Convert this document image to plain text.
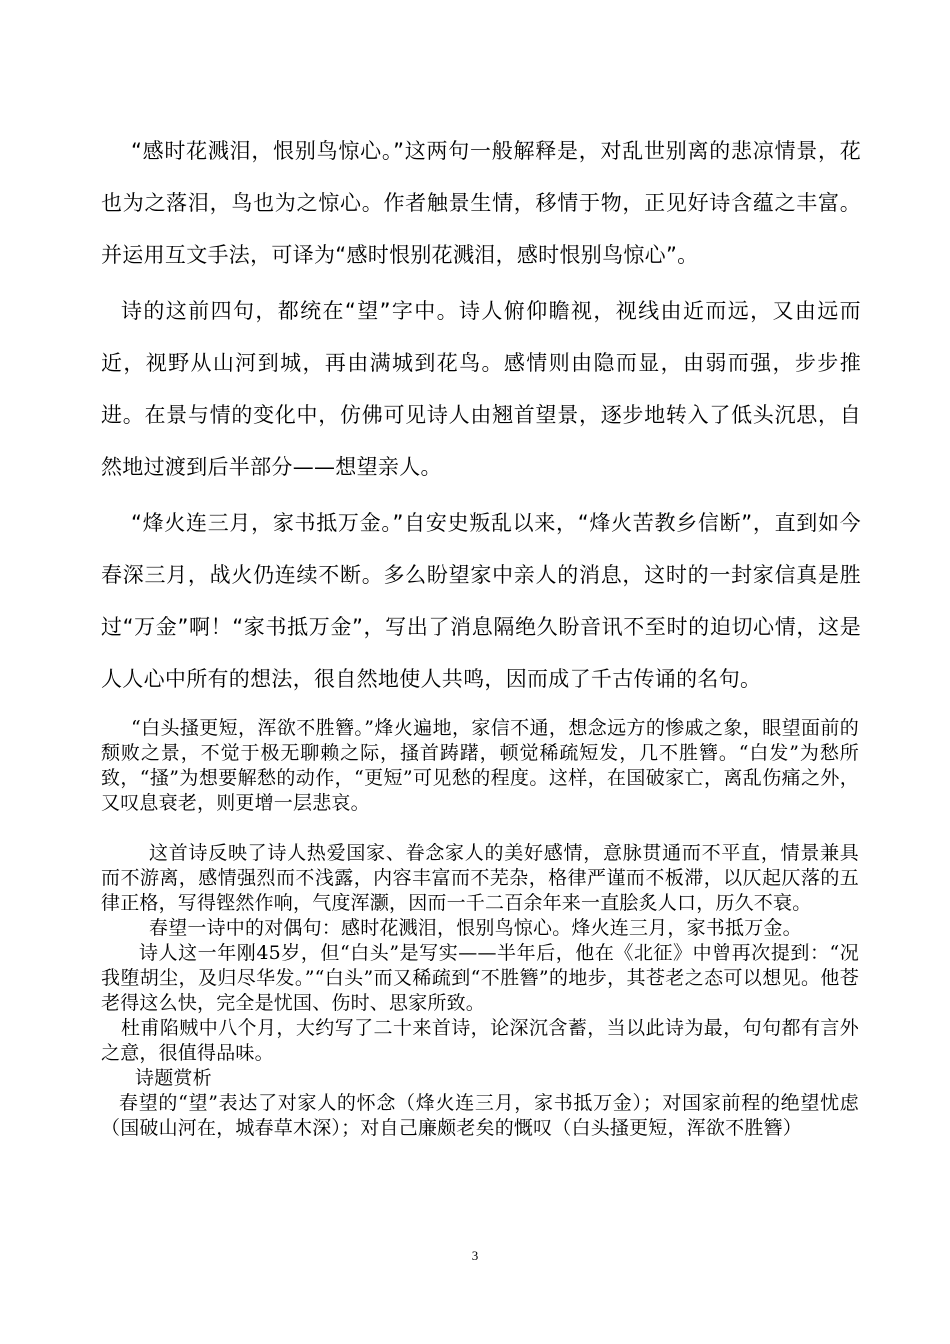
“感时花溅泪，恨别鸟惊心。”这两句一般解释是，对乱世别离的悲凉情景，花也为之落泪，鸟也为之惊心。作者触景生情，移情于物，正见好诗含蕴之丰富。并运用互文手法，可译为“感时恨别花溅泪，感时恨别鸟惊心”。

诗的这前四句，都统在“望”字中。诗人俯仰瞻视，视线由近而远，又由远而近，视野从山河到城，再由满城到花鸟。感情则由隐而显，由弱而强，步步推进。在景与情的变化中，仿佛可见诗人由翘首望景，逐步地转入了低头沉思，自然地过渡到后半部分——想望亲人。

“烽火连三月，家书抵万金。”自安史叛乱以来，“烽火苦教乡信断”，直到如今春深三月，战火仍连续不断。多么盼望家中亲人的消息，这时的一封家信真是胜过“万金”啊！“家书抵万金”，写出了消息隔绝久盼音讯不至时的迫切心情，这是人人心中所有的想法，很自然地使人共鸣，因而成了千古传诵的名句。

“白头搔更短，浑欲不胜簪。”烽火遍地，家信不通，想念远方的惨戚之象，眼望面前的颓败之景，不觉于极无聊赖之际，搔首踌躇，顿觉稀疏短发，几不胜簪。“白发”为愁所致，“搔”为想要解愁的动作，“更短”可见愁的程度。这样，在国破家亡，离乱伤痛之外，又叹息衰老，则更增一层悲哀。

这首诗反映了诗人热爱国家、眷念家人的美好感情，意脉贯通而不平直，情景兼具而不游离，感情强烈而不浅露，内容丰富而不芜杂，格律严谨而不板滞，以仄起仄落的五律正格，写得铿然作响，气度浑灏，因而一千二百余年来一直脍炙人口，历久不衰。

春望一诗中的对偶句：感时花溅泪，恨别鸟惊心。烽火连三月，家书抵万金。

诗人这一年刚45岁，但“白头”是写实——半年后，他在《北征》中曾再次提到：“况我堕胡尘，及归尽华发。”“白头”而又稀疏到“不胜簪”的地步，其苍老之态可以想见。他苍老得这么快，完全是忧国、伤时、思家所致。

杜甫陷贼中八个月，大约写了二十来首诗，论深沉含蓄，当以此诗为最，句句都有言外之意，很值得品味。

诗题赏析

春望的“望”表达了对家人的怀念（烽火连三月，家书抵万金）；对国家前程的绝望忧虑（国破山河在，城春草木深）；对自己廉颇老矣的慨叹（白头搔更短，浑欲不胜簪）

3
